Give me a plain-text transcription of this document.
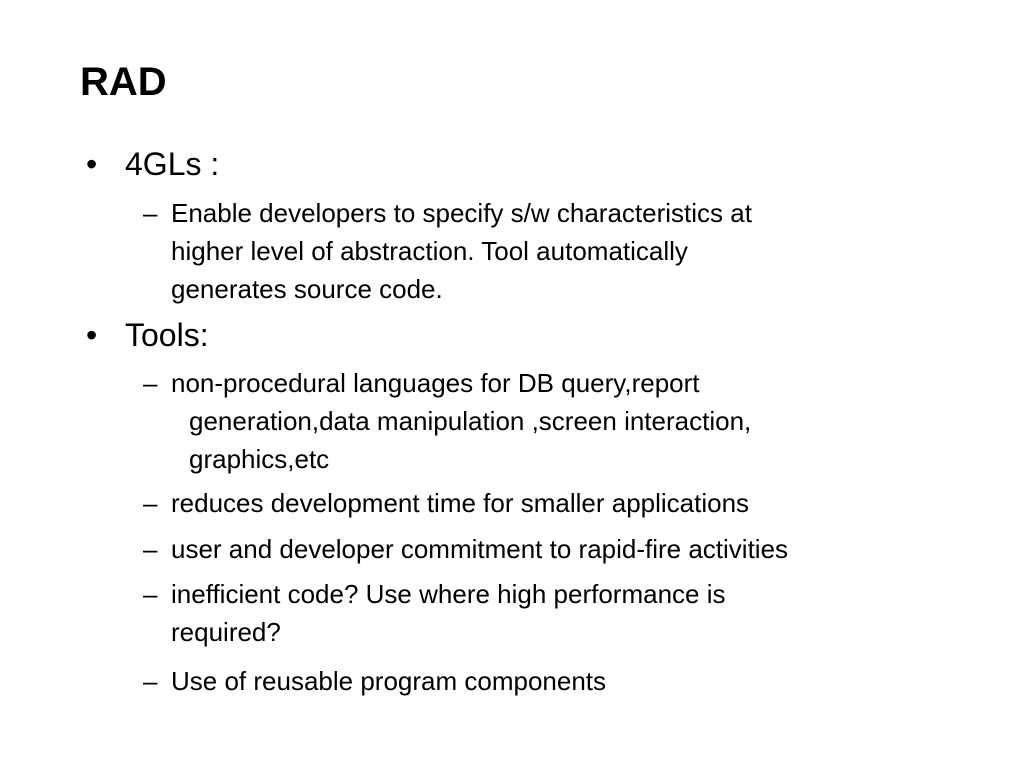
RAD
• 4GLs :
– Enable developers to specify s/w characteristics at
higher level of abstraction. Tool automatically
generates source code.
• Tools:
– non-procedural languages for DB query,report
generation,data manipulation ,screen interaction,
graphics,etc
– reduces development time for smaller applications
– user and developer commitment to rapid-fire activities
– inefficient code? Use where high performance is
required?
– Use of reusable program components
